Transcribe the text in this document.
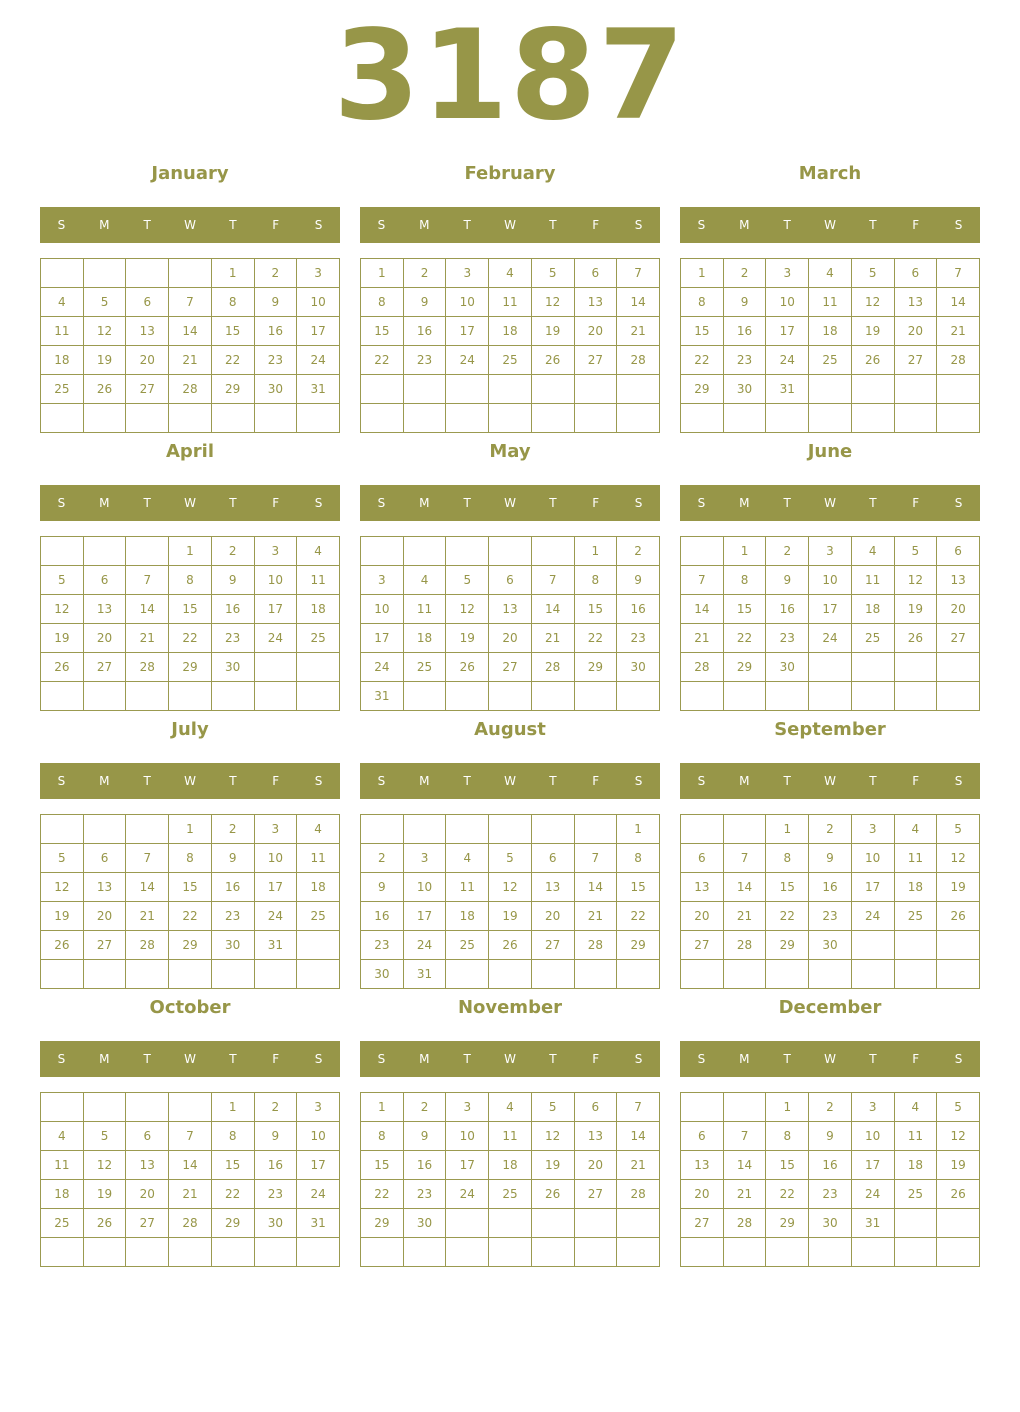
3187
January
S	M	T	W	T	F	S
				1	2	3
4	5	6	7	8	9	10
11	12	13	14	15	16	17
18	19	20	21	22	23	24
25	26	27	28	29	30	31

February
S	M	T	W	T	F	S
1	2	3	4	5	6	7
8	9	10	11	12	13	14
15	16	17	18	19	20	21
22	23	24	25	26	27	28

March
S	M	T	W	T	F	S
1	2	3	4	5	6	7
8	9	10	11	12	13	14
15	16	17	18	19	20	21
22	23	24	25	26	27	28
29	30	31				

April
S	M	T	W	T	F	S
			1	2	3	4
5	6	7	8	9	10	11
12	13	14	15	16	17	18
19	20	21	22	23	24	25
26	27	28	29	30		

May
S	M	T	W	T	F	S
					1	2
3	4	5	6	7	8	9
10	11	12	13	14	15	16
17	18	19	20	21	22	23
24	25	26	27	28	29	30
31						
June
S	M	T	W	T	F	S
	1	2	3	4	5	6
7	8	9	10	11	12	13
14	15	16	17	18	19	20
21	22	23	24	25	26	27
28	29	30				

July
S	M	T	W	T	F	S
			1	2	3	4
5	6	7	8	9	10	11
12	13	14	15	16	17	18
19	20	21	22	23	24	25
26	27	28	29	30	31	

August
S	M	T	W	T	F	S
						1
2	3	4	5	6	7	8
9	10	11	12	13	14	15
16	17	18	19	20	21	22
23	24	25	26	27	28	29
30	31					
September
S	M	T	W	T	F	S
		1	2	3	4	5
6	7	8	9	10	11	12
13	14	15	16	17	18	19
20	21	22	23	24	25	26
27	28	29	30			

October
S	M	T	W	T	F	S
				1	2	3
4	5	6	7	8	9	10
11	12	13	14	15	16	17
18	19	20	21	22	23	24
25	26	27	28	29	30	31

November
S	M	T	W	T	F	S
1	2	3	4	5	6	7
8	9	10	11	12	13	14
15	16	17	18	19	20	21
22	23	24	25	26	27	28
29	30					

December
S	M	T	W	T	F	S
		1	2	3	4	5
6	7	8	9	10	11	12
13	14	15	16	17	18	19
20	21	22	23	24	25	26
27	28	29	30	31		
